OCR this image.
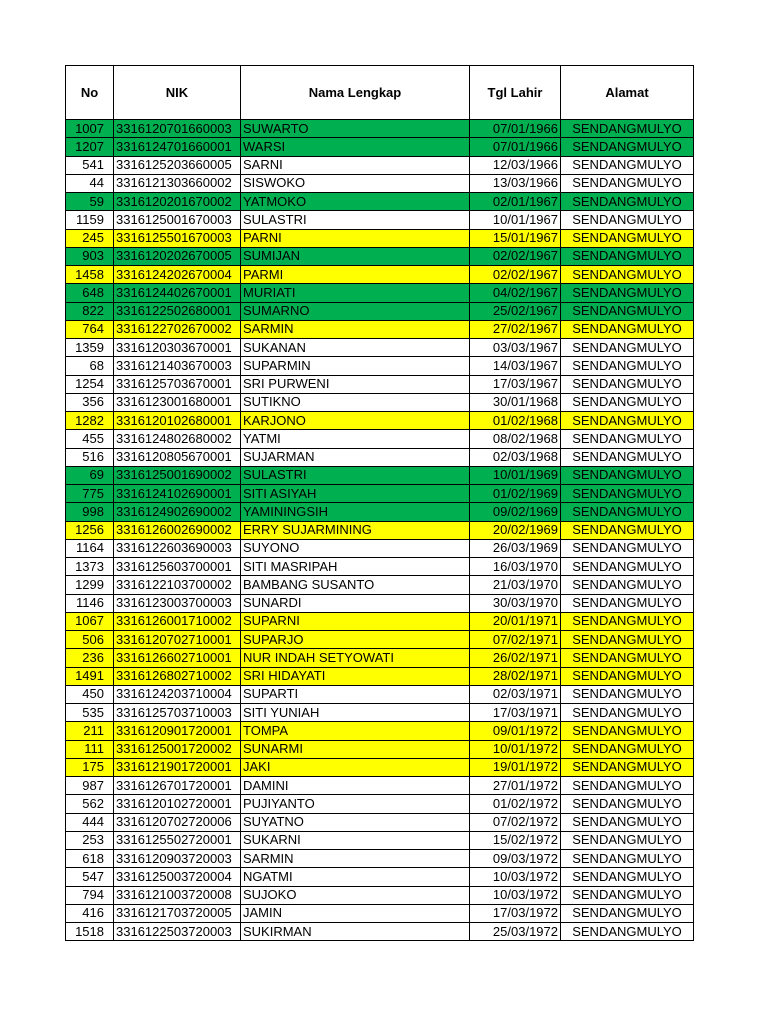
No	NIK	Nama Lengkap	Tgl Lahir	Alamat
1007	3316120701660003	SUWARTO	07/01/1966	SENDANGMULYO
1207	3316124701660001	WARSI	07/01/1966	SENDANGMULYO
541	3316125203660005	SARNI	12/03/1966	SENDANGMULYO
44	3316121303660002	SISWOKO	13/03/1966	SENDANGMULYO
59	3316120201670002	YATMOKO	02/01/1967	SENDANGMULYO
1159	3316125001670003	SULASTRI	10/01/1967	SENDANGMULYO
245	3316125501670003	PARNI	15/01/1967	SENDANGMULYO
903	3316120202670005	SUMIJAN	02/02/1967	SENDANGMULYO
1458	3316124202670004	PARMI	02/02/1967	SENDANGMULYO
648	3316124402670001	MURIATI	04/02/1967	SENDANGMULYO
822	3316122502680001	SUMARNO	25/02/1967	SENDANGMULYO
764	3316122702670002	SARMIN	27/02/1967	SENDANGMULYO
1359	3316120303670001	SUKANAN	03/03/1967	SENDANGMULYO
68	3316121403670003	SUPARMIN	14/03/1967	SENDANGMULYO
1254	3316125703670001	SRI PURWENI	17/03/1967	SENDANGMULYO
356	3316123001680001	SUTIKNO	30/01/1968	SENDANGMULYO
1282	3316120102680001	KARJONO	01/02/1968	SENDANGMULYO
455	3316124802680002	YATMI	08/02/1968	SENDANGMULYO
516	3316120805670001	SUJARMAN	02/03/1968	SENDANGMULYO
69	3316125001690002	SULASTRI	10/01/1969	SENDANGMULYO
775	3316124102690001	SITI ASIYAH	01/02/1969	SENDANGMULYO
998	3316124902690002	YAMININGSIH	09/02/1969	SENDANGMULYO
1256	3316126002690002	ERRY SUJARMINING	20/02/1969	SENDANGMULYO
1164	3316122603690003	SUYONO	26/03/1969	SENDANGMULYO
1373	3316125603700001	SITI MASRIPAH	16/03/1970	SENDANGMULYO
1299	3316122103700002	BAMBANG SUSANTO	21/03/1970	SENDANGMULYO
1146	3316123003700003	SUNARDI	30/03/1970	SENDANGMULYO
1067	3316126001710002	SUPARNI	20/01/1971	SENDANGMULYO
506	3316120702710001	SUPARJO	07/02/1971	SENDANGMULYO
236	3316126602710001	NUR INDAH SETYOWATI	26/02/1971	SENDANGMULYO
1491	3316126802710002	SRI HIDAYATI	28/02/1971	SENDANGMULYO
450	3316124203710004	SUPARTI	02/03/1971	SENDANGMULYO
535	3316125703710003	SITI YUNIAH	17/03/1971	SENDANGMULYO
211	3316120901720001	TOMPA	09/01/1972	SENDANGMULYO
111	3316125001720002	SUNARMI	10/01/1972	SENDANGMULYO
175	3316121901720001	JAKI	19/01/1972	SENDANGMULYO
987	3316126701720001	DAMINI	27/01/1972	SENDANGMULYO
562	3316120102720001	PUJIYANTO	01/02/1972	SENDANGMULYO
444	3316120702720006	SUYATNO	07/02/1972	SENDANGMULYO
253	3316125502720001	SUKARNI	15/02/1972	SENDANGMULYO
618	3316120903720003	SARMIN	09/03/1972	SENDANGMULYO
547	3316125003720004	NGATMI	10/03/1972	SENDANGMULYO
794	3316121003720008	SUJOKO	10/03/1972	SENDANGMULYO
416	3316121703720005	JAMIN	17/03/1972	SENDANGMULYO
1518	3316122503720003	SUKIRMAN	25/03/1972	SENDANGMULYO
